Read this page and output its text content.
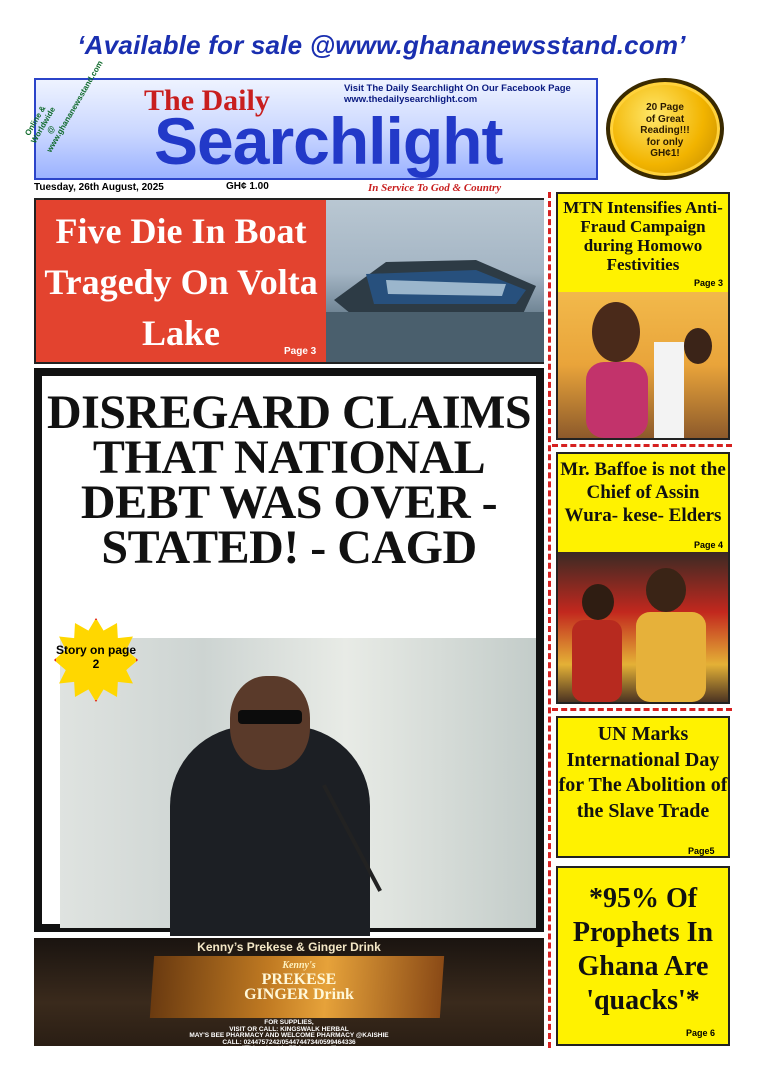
‘Available for sale @www.ghananewsstand.com’
Online & Worldwide @ www.ghananewsstand.com The Daily
Searchlight
Visit The Daily Searchlight On Our Facebook Page
www.thedailysearchlight.com
20 Page
of Great
Reading!!!
for only
GH¢1!
Tuesday, 26th August, 2025	GH¢ 1.00	In Service To God & Country
Five Die In Boat Tragedy On Volta Lake	Page 3
DISREGARD CLAIMS THAT NATIONAL DEBT WAS OVER - STATED! - CAGD
Story on page 2
Kenny’s Prekese & Ginger Drink
Kenny's
PREKESE GINGER Drink
FOR SUPPLIES,
VISIT OR CALL: KINGSWALK HERBAL
MAY'S BEE PHARMACY AND WELCOME PHARMACY @KAISHIE
CALL: 0244757242/0544744734/0599464336
"This advert is FDA approved"
MTN Intensifies Anti-Fraud Campaign during Homowo Festivities
Page 3
Mr. Baffoe is not the Chief of Assin Wura- kese- Elders
Page 4
UN Marks International Day for The Abolition of the Slave Trade
Page5
*95% Of Prophets In Ghana Are 'quacks'*
Page 6
